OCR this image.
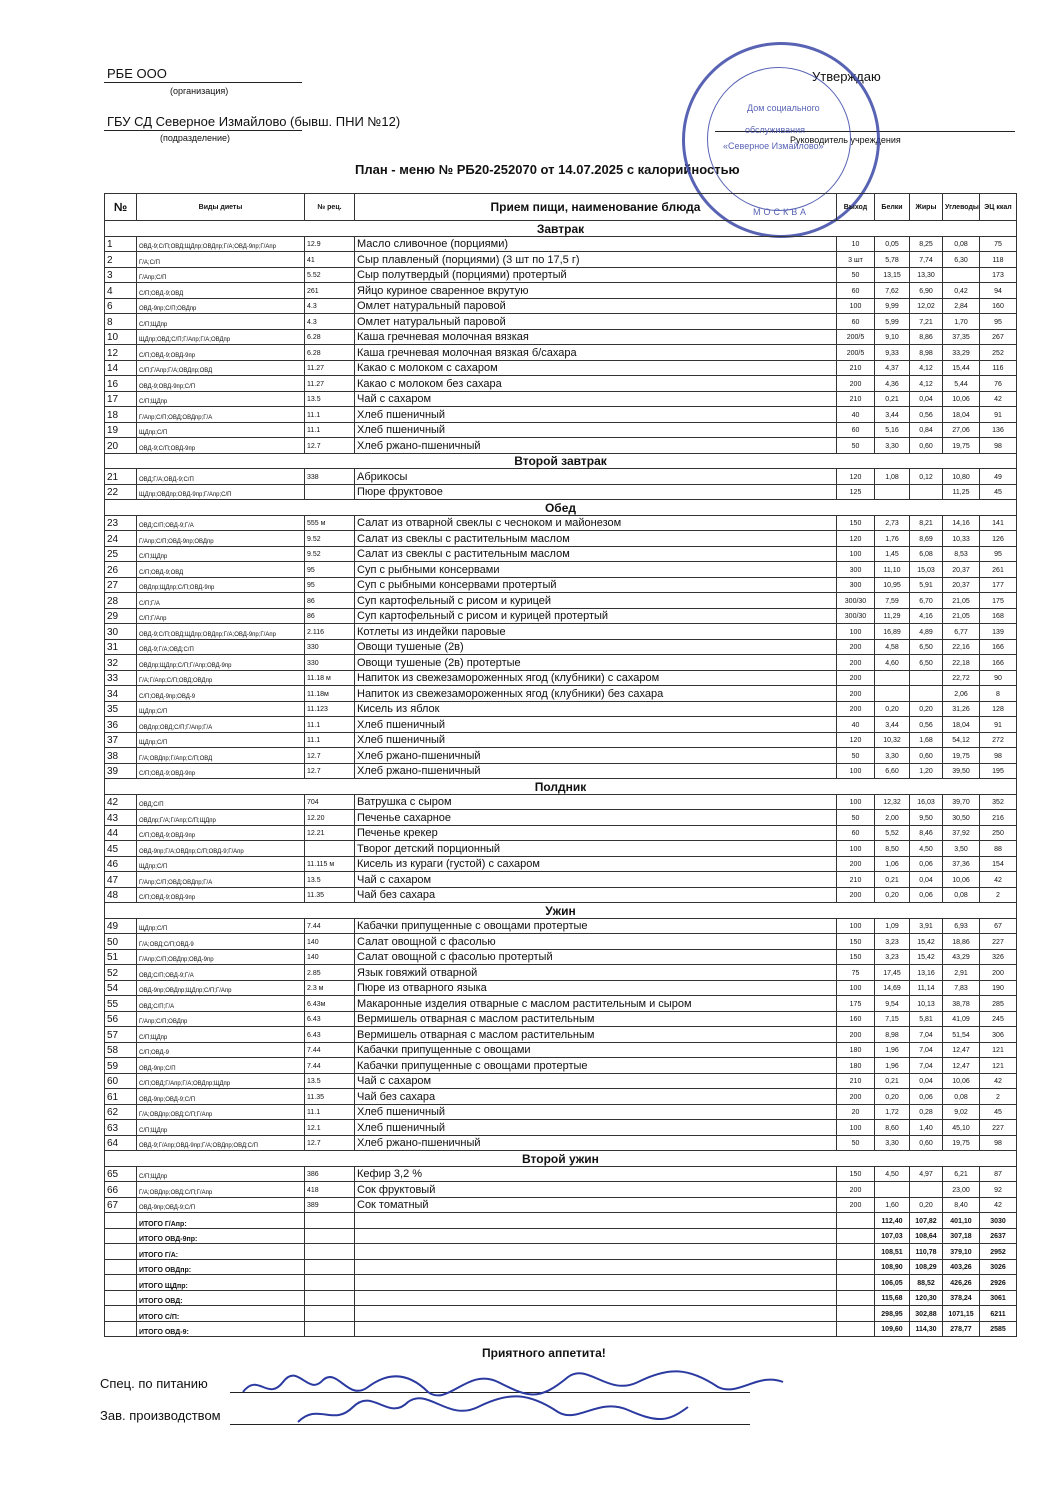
РБЕ ООО
(организация)
ГБУ СД Северное Измайлово (бывш. ПНИ №12)
(подразделение)
Утверждаю
Руководитель учреждения
План - меню № РБ20-252070 от 14.07.2025 с калорийностью
Дом социального
обслуживания
«Северное Измайлово»
МОСКВА
№	Виды диеты	№ рец.	Прием пищи, наименование блюда	Выход	Белки	Жиры	Углеводы	ЭЦ ккал
Завтрак								
1	ОВД-9;С/П;ОВД;ЩДпр;ОВДпр;Г/А;ОВД-9пр;Г/Апр	12.9	Масло сливочное (порциями)	10	0,05	8,25	0,08	75
2	Г/А;С/П	41	Сыр плавленый (порциями) (3 шт по 17,5 г)	3 шт	5,78	7,74	6,30	118
3	Г/Апр;С/П	5.52	Сыр полутвердый (порциями) протертый	50	13,15	13,30		173
4	С/П;ОВД-9;ОВД	261	Яйцо куриное сваренное вкрутую	60	7,62	6,90	0,42	94
6	ОВД-9пр;С/П;ОВДпр	4.3	Омлет натуральный паровой	100	9,99	12,02	2,84	160
8	С/П;ЩДпр	4.3	Омлет натуральный паровой	60	5,99	7,21	1,70	95
10	ЩДпр;ОВД;С/П;Г/Апр;Г/А;ОВДпр	6.28	Каша гречневая молочная вязкая	200/5	9,10	8,86	37,35	267
12	С/П;ОВД-9;ОВД-9пр	6.28	Каша гречневая молочная вязкая б/сахара	200/5	9,33	8,98	33,29	252
14	С/П;Г/Апр;Г/А;ОВДпр;ОВД	11.27	Какао с молоком с сахаром	210	4,37	4,12	15,44	116
16	ОВД-9;ОВД-9пр;С/П	11.27	Какао с молоком без сахара	200	4,36	4,12	5,44	76
17	С/П;ЩДпр	13.5	Чай с сахаром	210	0,21	0,04	10,06	42
18	Г/Апр;С/П;ОВД;ОВДпр;Г/А	11.1	Хлеб пшеничный	40	3,44	0,56	18,04	91
19	ЩДпр;С/П	11.1	Хлеб пшеничный	60	5,16	0,84	27,06	136
20	ОВД-9;С/П;ОВД-9пр	12.7	Хлеб ржано-пшеничный	50	3,30	0,60	19,75	98
Второй завтрак								
21	ОВД;Г/А;ОВД-9;С/П	338	Абрикосы	120	1,08	0,12	10,80	49
22	ЩДпр;ОВДпр;ОВД-9пр;Г/Апр;С/П		Пюре фруктовое	125			11,25	45
Обед								
23	ОВД;С/П;ОВД-9;Г/А	555 м	Салат из отварной свеклы с чесноком и майонезом	150	2,73	8,21	14,16	141
24	Г/Апр;С/П;ОВД-9пр;ОВДпр	9.52	Салат из свеклы с растительным маслом	120	1,76	8,69	10,33	126
25	С/П;ЩДпр	9.52	Салат из свеклы с растительным маслом	100	1,45	6,08	8,53	95
26	С/П;ОВД-9;ОВД	95	Суп с рыбными консервами	300	11,10	15,03	20,37	261
27	ОВДпр;ЩДпр;С/П;ОВД-9пр	95	Суп с рыбными консервами протертый	300	10,95	5,91	20,37	177
28	С/П;Г/А	86	Суп картофельный с рисом и курицей	300/30	7,59	6,70	21,05	175
29	С/П;Г/Апр	86	Суп картофельный с рисом и курицей протертый	300/30	11,29	4,16	21,05	168
30	ОВД-9;С/П;ОВД;ЩДпр;ОВДпр;Г/А;ОВД-9пр;Г/Апр	2.116	Котлеты из индейки паровые	100	16,89	4,89	6,77	139
31	ОВД-9;Г/А;ОВД;С/П	330	Овощи тушеные (2в)	200	4,58	6,50	22,16	166
32	ОВДпр;ЩДпр;С/П;Г/Апр;ОВД-9пр	330	Овощи тушеные (2в) протертые	200	4,60	6,50	22,18	166
33	Г/А;Г/Апр;С/П;ОВД;ОВДпр	11.18 м	Напиток из свежезамороженных ягод (клубники) с сахаром	200			22,72	90
34	С/П;ОВД-9пр;ОВД-9	11.18м	Напиток из свежезамороженных ягод (клубники) без сахара	200			2,06	8
35	ЩДпр;С/П	11.123	Кисель из яблок	200	0,20	0,20	31,26	128
36	ОВДпр;ОВД;С/П;Г/Апр;Г/А	11.1	Хлеб пшеничный	40	3,44	0,56	18,04	91
37	ЩДпр;С/П	11.1	Хлеб пшеничный	120	10,32	1,68	54,12	272
38	Г/А;ОВДпр;Г/Апр;С/П;ОВД	12.7	Хлеб ржано-пшеничный	50	3,30	0,60	19,75	98
39	С/П;ОВД-9;ОВД-9пр	12.7	Хлеб ржано-пшеничный	100	6,60	1,20	39,50	195
Полдник								
42	ОВД;С/П	704	Ватрушка с сыром	100	12,32	16,03	39,70	352
43	ОВДпр;Г/А;Г/Апр;С/П;ЩДпр	12.20	Печенье сахарное	50	2,00	9,50	30,50	216
44	С/П;ОВД-9;ОВД-9пр	12.21	Печенье крекер	60	5,52	8,46	37,92	250
45	ОВД-9пр;Г/А;ОВДпр;С/П;ОВД-9;Г/Апр		Творог детский порционный	100	8,50	4,50	3,50	88
46	ЩДпр;С/П	11.115 м	Кисель из кураги (густой) с сахаром	200	1,06	0,06	37,36	154
47	Г/Апр;С/П;ОВД;ОВДпр;Г/А	13.5	Чай с сахаром	210	0,21	0,04	10,06	42
48	С/П;ОВД-9;ОВД-9пр	11.35	Чай без сахара	200	0,20	0,06	0,08	2
Ужин								
49	ЩДпр;С/П	7.44	Кабачки припущенные с овощами протертые	100	1,09	3,91	6,93	67
50	Г/А;ОВД;С/П;ОВД-9	140	Салат овощной с фасолью	150	3,23	15,42	18,86	227
51	Г/Апр;С/П;ОВДпр;ОВД-9пр	140	Салат овощной с фасолью протертый	150	3,23	15,42	43,29	326
52	ОВД;С/П;ОВД-9;Г/А	2.85	Язык говяжий отварной	75	17,45	13,16	2,91	200
54	ОВД-9пр;ОВДпр;ЩДпр;С/П;Г/Апр	2.3 м	Пюре из отварного языка	100	14,69	11,14	7,83	190
55	ОВД;С/П;Г/А	6.43м	Макаронные изделия отварные с маслом растительным и сыром	175	9,54	10,13	38,78	285
56	Г/Апр;С/П;ОВДпр	6.43	Вермишель отварная с маслом растительным	160	7,15	5,81	41,09	245
57	С/П;ЩДпр	6.43	Вермишель отварная с маслом растительным	200	8,98	7,04	51,54	306
58	С/П;ОВД-9	7.44	Кабачки припущенные с овощами	180	1,96	7,04	12,47	121
59	ОВД-9пр;С/П	7.44	Кабачки припущенные с овощами протертые	180	1,96	7,04	12,47	121
60	С/П;ОВД;Г/Апр;Г/А;ОВДпр;ЩДпр	13.5	Чай с сахаром	210	0,21	0,04	10,06	42
61	ОВД-9пр;ОВД-9;С/П	11.35	Чай без сахара	200	0,20	0,06	0,08	2
62	Г/А;ОВДпр;ОВД;С/П;Г/Апр	11.1	Хлеб пшеничный	20	1,72	0,28	9,02	45
63	С/П;ЩДпр	12.1	Хлеб пшеничный	100	8,60	1,40	45,10	227
64	ОВД-9;Г/Апр;ОВД-9пр;Г/А;ОВДпр;ОВД;С/П	12.7	Хлеб ржано-пшеничный	50	3,30	0,60	19,75	98
Второй ужин								
65	С/П;ЩДпр	386	Кефир 3,2 %	150	4,50	4,97	6,21	87
66	Г/А;ОВДпр;ОВД;С/П;Г/Апр	418	Сок фруктовый	200			23,00	92
67	ОВД-9пр;ОВД-9;С/П	389	Сок томатный	200	1,60	0,20	8,40	42
	ИТОГО Г/Апр:				112,40	107,82	401,10	3030
	ИТОГО ОВД-9пр:				107,03	108,64	307,18	2637
	ИТОГО Г/А:				108,51	110,78	379,10	2952
	ИТОГО ОВДпр:				108,90	108,29	403,26	3026
	ИТОГО ЩДпр:				106,05	88,52	426,26	2926
	ИТОГО ОВД:				115,68	120,30	378,24	3061
	ИТОГО С/П:				298,95	302,88	1071,15	6211
	ИТОГО ОВД-9:				109,60	114,30	278,77	2585
Приятного аппетита!
Спец. по питанию
Зав. производством
